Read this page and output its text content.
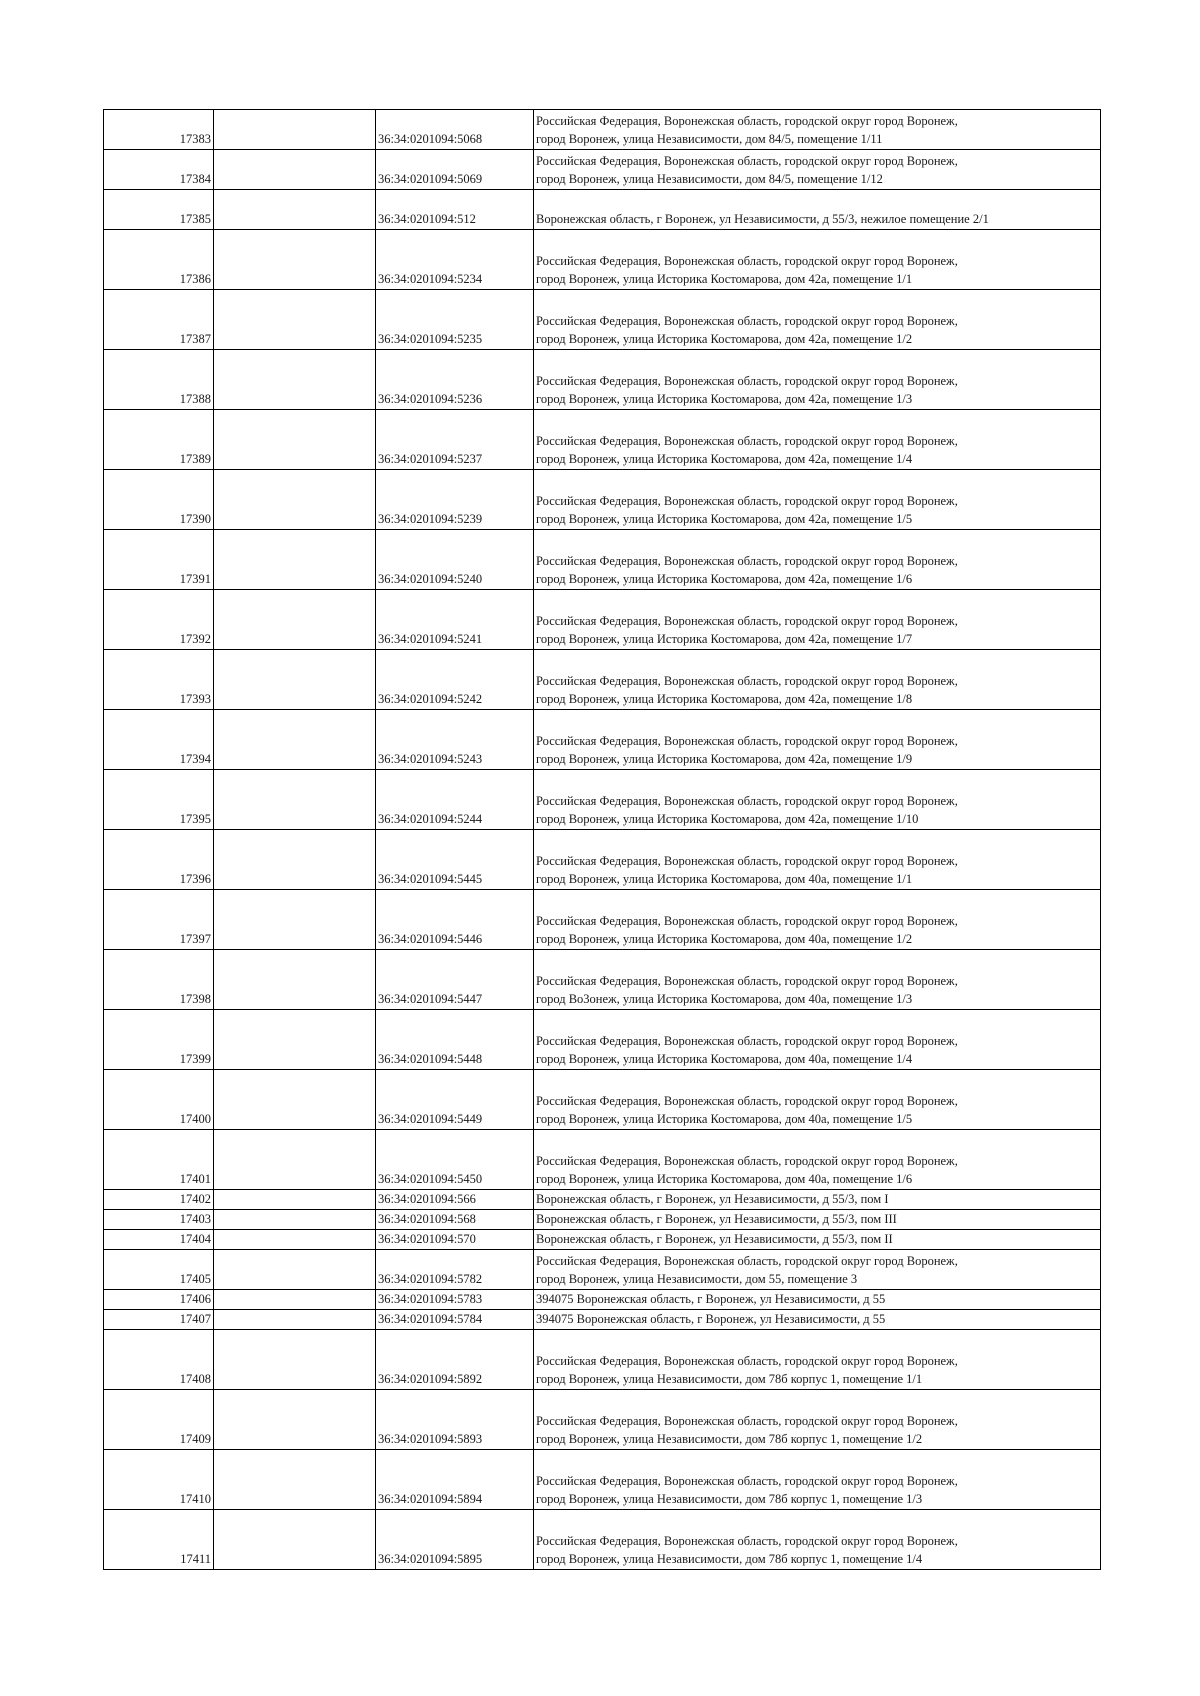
17383		36:34:0201094:5068	Российская Федерация, Воронежская область, городской округ город Воронеж,
город Воронеж, улица Независимости, дом 84/5, помещение 1/11

17384		36:34:0201094:5069	Российская Федерация, Воронежская область, городской округ город Воронеж,
город Воронеж, улица Независимости, дом 84/5, помещение 1/12

17385		36:34:0201094:512	Воронежская область, г Воронеж, ул Независимости, д 55/3, нежилое помещение 2/1

17386		36:34:0201094:5234	Российская Федерация, Воронежская область, городской округ город Воронеж,
город Воронеж, улица Историка Костомарова, дом 42а, помещение 1/1

17387		36:34:0201094:5235	Российская Федерация, Воронежская область, городской округ город Воронеж,
город Воронеж, улица Историка Костомарова, дом 42а, помещение 1/2

17388		36:34:0201094:5236	Российская Федерация, Воронежская область, городской округ город Воронеж,
город Воронеж, улица Историка Костомарова, дом 42а, помещение 1/3

17389		36:34:0201094:5237	Российская Федерация, Воронежская область, городской округ город Воронеж,
город Воронеж, улица Историка Костомарова, дом 42а, помещение 1/4

17390		36:34:0201094:5239	Российская Федерация, Воронежская область, городской округ город Воронеж,
город Воронеж, улица Историка Костомарова, дом 42а, помещение 1/5

17391		36:34:0201094:5240	Российская Федерация, Воронежская область, городской округ город Воронеж,
город Воронеж, улица Историка Костомарова, дом 42а, помещение 1/6

17392		36:34:0201094:5241	Российская Федерация, Воронежская область, городской округ город Воронеж,
город Воронеж, улица Историка Костомарова, дом 42а, помещение 1/7

17393		36:34:0201094:5242	Российская Федерация, Воронежская область, городской округ город Воронеж,
город Воронеж, улица Историка Костомарова, дом 42а, помещение 1/8

17394		36:34:0201094:5243	Российская Федерация, Воронежская область, городской округ город Воронеж,
город Воронеж, улица Историка Костомарова, дом 42а, помещение 1/9

17395		36:34:0201094:5244	Российская Федерация, Воронежская область, городской округ город Воронеж,
город Воронеж, улица Историка Костомарова, дом 42а, помещение 1/10

17396		36:34:0201094:5445	Российская Федерация, Воронежская область, городской округ город Воронеж,
город Воронеж, улица Историка Костомарова, дом 40а, помещение 1/1

17397		36:34:0201094:5446	Российская Федерация, Воронежская область, городской округ город Воронеж,
город Воронеж, улица Историка Костомарова, дом 40а, помещение 1/2

17398		36:34:0201094:5447	Российская Федерация, Воронежская область, городской округ город Воронеж,
город Во3онеж, улица Историка Костомарова, дом 40а, помещение 1/3

17399		36:34:0201094:5448	Российская Федерация, Воронежская область, городской округ город Воронеж,
город Воронеж, улица Историка Костомарова, дом 40а, помещение 1/4

17400		36:34:0201094:5449	Российская Федерация, Воронежская область, городской округ город Воронеж,
город Воронеж, улица Историка Костомарова, дом 40а, помещение 1/5

17401		36:34:0201094:5450	Российская Федерация, Воронежская область, городской округ город Воронеж,
город Воронеж, улица Историка Костомарова, дом 40а, помещение 1/6

17402		36:34:0201094:566	Воронежская область, г Воронеж, ул Независимости, д 55/3, пом I

17403		36:34:0201094:568	Воронежская область, г Воронеж, ул Независимости, д 55/3, пом III

17404		36:34:0201094:570	Воронежская область, г Воронеж, ул Независимости, д 55/3, пом II

17405		36:34:0201094:5782	Российская Федерация, Воронежская область, городской округ город Воронеж,
город Воронеж, улица Независимости, дом 55, помещение 3

17406		36:34:0201094:5783	394075 Воронежская область, г Воронеж, ул Независимости, д 55

17407		36:34:0201094:5784	394075 Воронежская область, г Воронеж, ул Независимости, д 55

17408		36:34:0201094:5892	Российская Федерация, Воронежская область, городской округ город Воронеж,
город Воронеж, улица Независимости, дом 78б корпус 1, помещение 1/1

17409		36:34:0201094:5893	Российская Федерация, Воронежская область, городской округ город Воронеж,
город Воронеж, улица Независимости, дом 78б корпус 1, помещение 1/2

17410		36:34:0201094:5894	Российская Федерация, Воронежская область, городской округ город Воронеж,
город Воронеж, улица Независимости, дом 78б корпус 1, помещение 1/3

17411		36:34:0201094:5895	Российская Федерация, Воронежская область, городской округ город Воронеж,
город Воронеж, улица Независимости, дом 78б корпус 1, помещение 1/4
